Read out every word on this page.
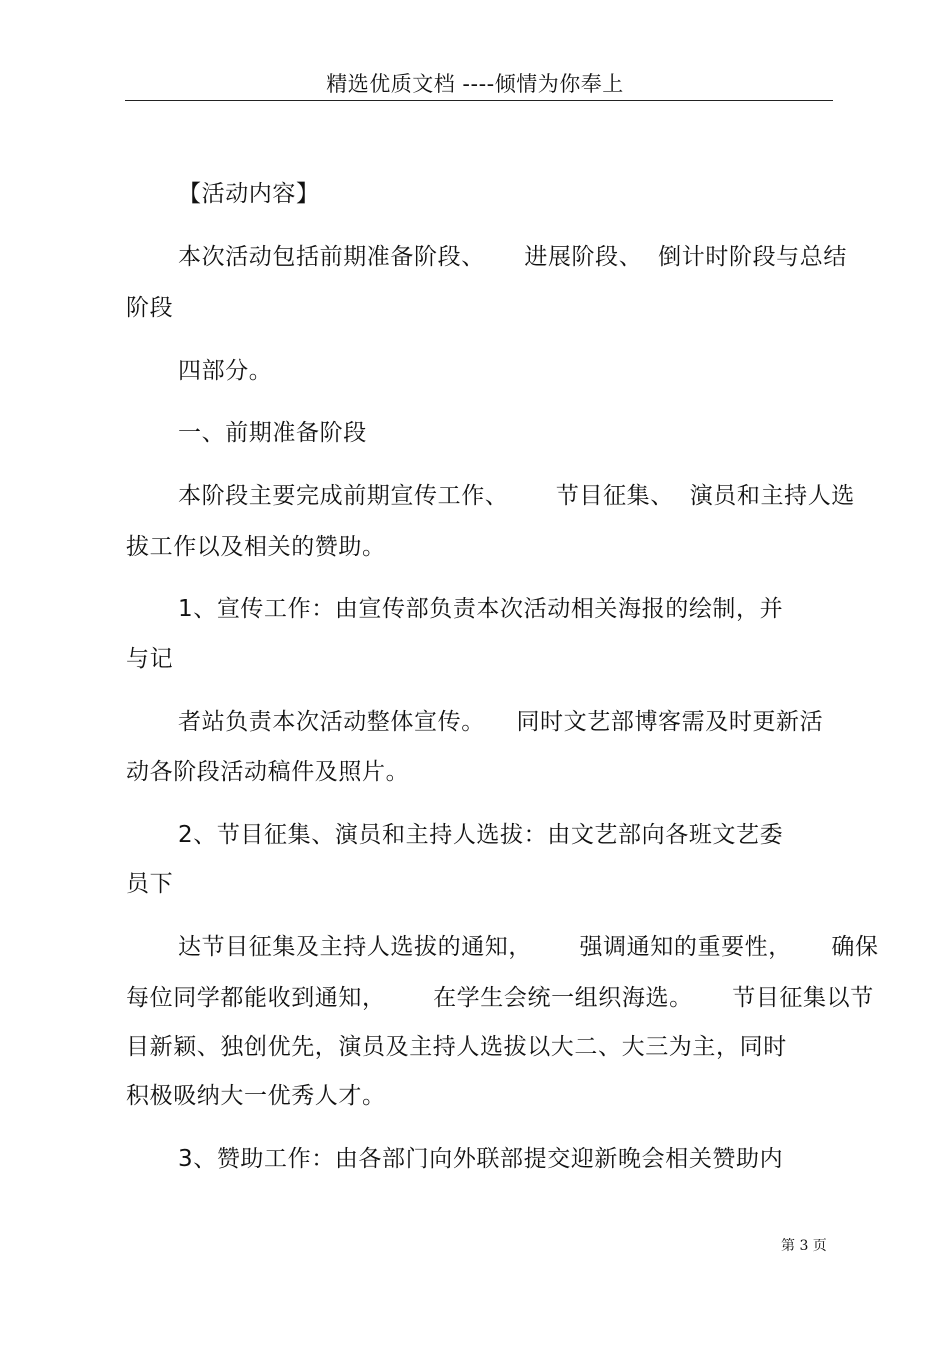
精选优质文档 ----倾情为你奉上
【活动内容】
本次活动包括前期准备阶段、     进展阶段、  倒计时阶段与总结
阶段
四部分。
一、前期准备阶段
本阶段主要完成前期宣传工作、      节目征集、  演员和主持人选
拔工作以及相关的赞助。
1、宣传工作：由宣传部负责本次活动相关海报的绘制，并
与记
者站负责本次活动整体宣传。    同时文艺部博客需及时更新活
动各阶段活动稿件及照片。
2、节目征集、演员和主持人选拔：由文艺部向各班文艺委
员下
达节目征集及主持人选拔的通知，      强调通知的重要性，     确保
每位同学都能收到通知，      在学生会统一组织海选。     节目征集以节
目新颖、独创优先，演员及主持人选拔以大二、大三为主，同时
积极吸纳大一优秀人才。
3、赞助工作：由各部门向外联部提交迎新晚会相关赞助内
第 3 页
